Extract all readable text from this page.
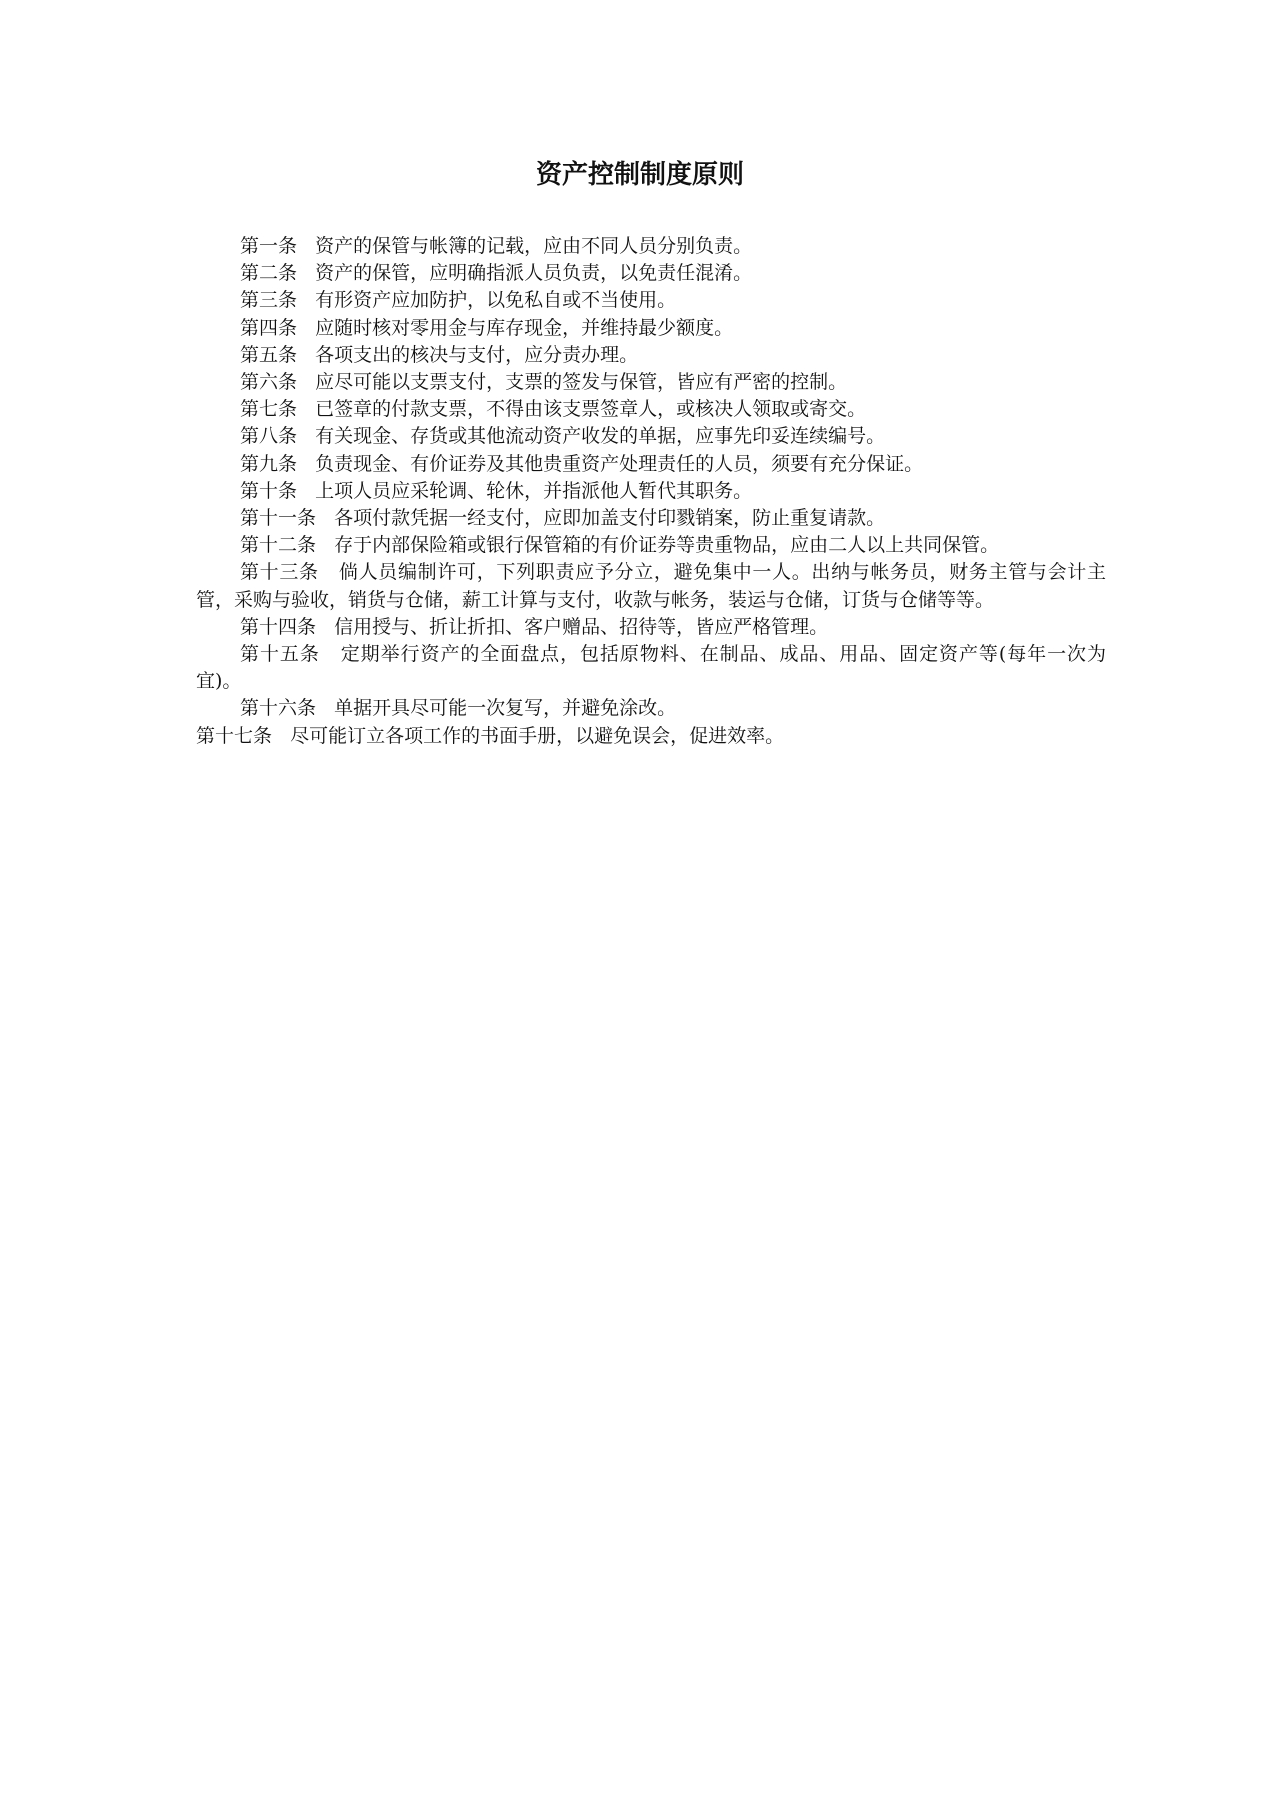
资产控制制度原则

第一条   资产的保管与帐簿的记载，应由不同人员分别负责。

第二条   资产的保管，应明确指派人员负责，以免责任混淆。

第三条   有形资产应加防护，以免私自或不当使用。

第四条   应随时核对零用金与库存现金，并维持最少额度。

第五条   各项支出的核决与支付，应分责办理。

第六条   应尽可能以支票支付，支票的签发与保管，皆应有严密的控制。

第七条   已签章的付款支票，不得由该支票签章人，或核决人领取或寄交。

第八条   有关现金、存货或其他流动资产收发的单据，应事先印妥连续编号。

第九条   负责现金、有价证券及其他贵重资产处理责任的人员，须要有充分保证。

第十条   上项人员应采轮调、轮休，并指派他人暂代其职务。

第十一条   各项付款凭据一经支付，应即加盖支付印戮销案，防止重复请款。

第十二条   存于内部保险箱或银行保管箱的有价证券等贵重物品，应由二人以上共同保管。

第十三条   倘人员编制许可，下列职责应予分立，避免集中一人。出纳与帐务员，财务主管与会计主管，采购与验收，销货与仓储，薪工计算与支付，收款与帐务，装运与仓储，订货与仓储等等。

第十四条   信用授与、折让折扣、客户赠品、招待等，皆应严格管理。

第十五条   定期举行资产的全面盘点，包括原物料、在制品、成品、用品、固定资产等(每年一次为宜)。

第十六条   单据开具尽可能一次复写，并避免涂改。

第十七条   尽可能订立各项工作的书面手册，以避免误会，促进效率。
